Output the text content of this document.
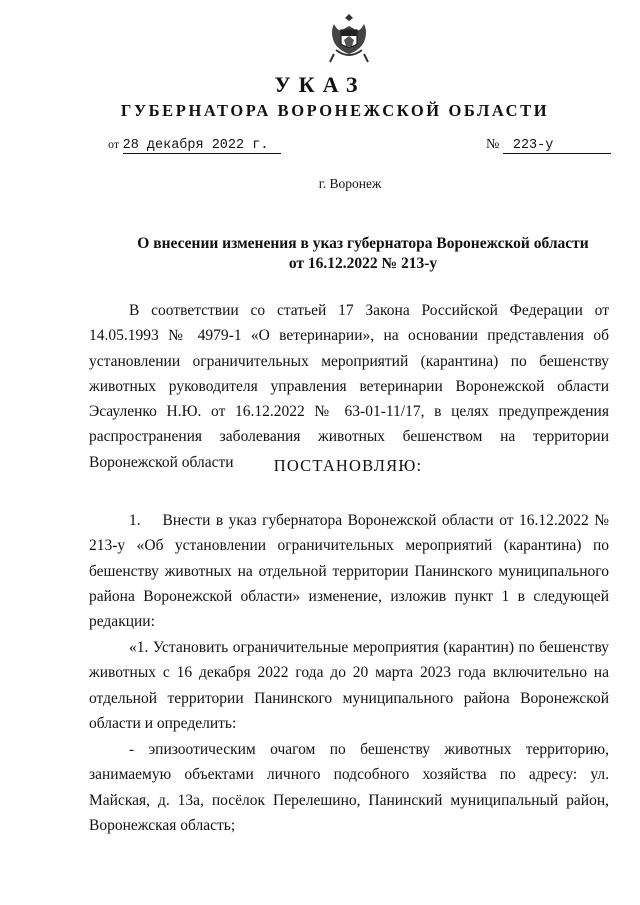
УКАЗ
ГУБЕРНАТОРА ВОРОНЕЖСКОЙ ОБЛАСТИ
от 28 декабря 2022 г.	№ 223-у
г. Воронеж
О внесении изменения в указ губернатора Воронежской области
от 16.12.2022 № 213-у

В соответствии со статьей 17 Закона Российской Федерации от 14.05.1993 № 4979-1 «О ветеринарии», на основании представления об установлении ограничительных мероприятий (карантина) по бешенству животных руководителя управления ветеринарии Воронежской области Эсауленко Н.Ю. от 16.12.2022 № 63-01-11/17, в целях предупреждения распространения заболевания животных бешенством на территории Воронежской области	ПОСТАНОВЛЯЮ:

1.    Внести в указ губернатора Воронежской области от 16.12.2022 № 213-у «Об установлении ограничительных мероприятий (карантина) по бешенству животных на отдельной территории Панинского муниципального района Воронежской области» изменение, изложив пункт 1 в следующей редакции:

«1. Установить ограничительные мероприятия (карантин) по бешенству животных с 16 декабря 2022 года до 20 марта 2023 года включительно на отдельной территории Панинского муниципального района Воронежской области и определить:

- эпизоотическим очагом по бешенству животных территорию, занимаемую объектами личного подсобного хозяйства по адресу: ул. Майская, д. 13а, посёлок Перелешино, Панинский муниципальный район, Воронежская область;
